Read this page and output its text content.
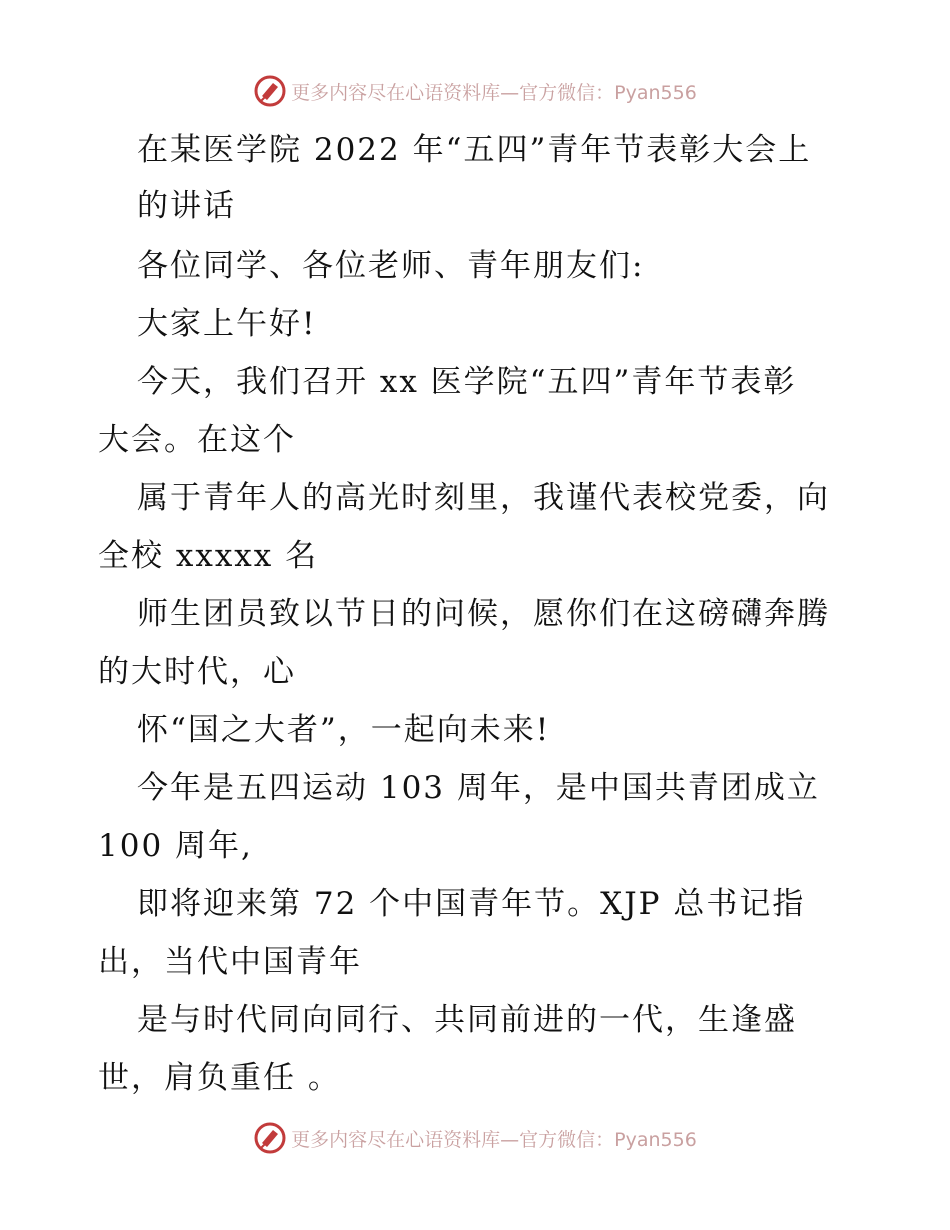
更多内容尽在心语资料库—官方微信：Pyan556
在某医学院 2022 年“五四”青年节表彰大会上
的讲话
各位同学、各位老师、青年朋友们:
大家上午好!
今天，我们召开 xx 医学院“五四”青年节表彰
大会。在这个
属于青年人的高光时刻里，我谨代表校党委，向
全校 xxxxx 名
师生团员致以节日的问候，愿你们在这磅礴奔腾
的大时代，心
怀“国之大者”，一起向未来!
今年是五四运动 103 周年，是中国共青团成立
100 周年,
即将迎来第 72 个中国青年节。XJP 总书记指
出，当代中国青年
是与时代同向同行、共同前进的一代，生逢盛
世，肩负重任 。
更多内容尽在心语资料库—官方微信：Pyan556
